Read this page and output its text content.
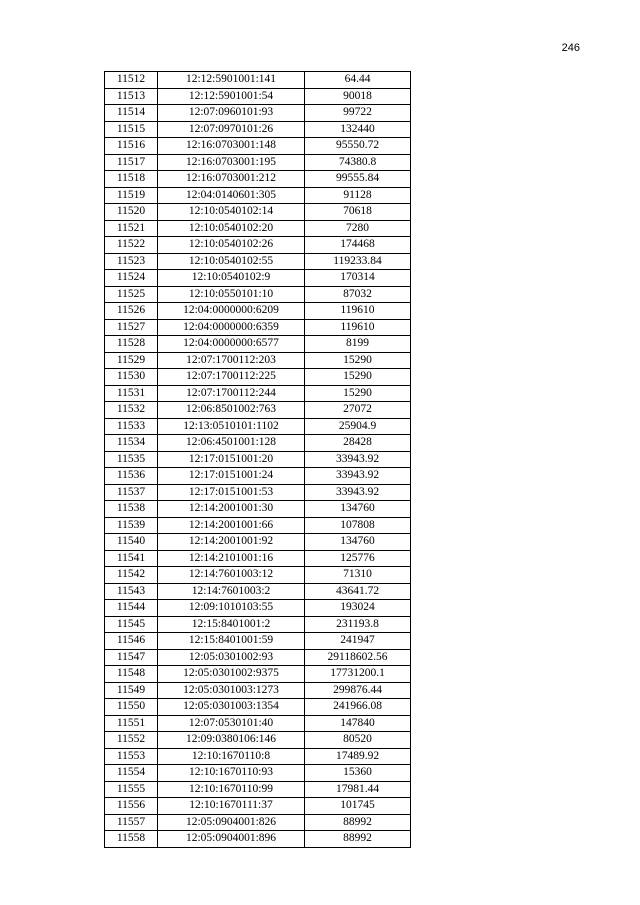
246
11512	12:12:5901001:141	64.44
11513	12:12:5901001:54	90018
11514	12:07:0960101:93	99722
11515	12:07:0970101:26	132440
11516	12:16:0703001:148	95550.72
11517	12:16:0703001:195	74380.8
11518	12:16:0703001:212	99555.84
11519	12:04:0140601:305	91128
11520	12:10:0540102:14	70618
11521	12:10:0540102:20	7280
11522	12:10:0540102:26	174468
11523	12:10:0540102:55	119233.84
11524	12:10:0540102:9	170314
11525	12:10:0550101:10	87032
11526	12:04:0000000:6209	119610
11527	12:04:0000000:6359	119610
11528	12:04:0000000:6577	8199
11529	12:07:1700112:203	15290
11530	12:07:1700112:225	15290
11531	12:07:1700112:244	15290
11532	12:06:8501002:763	27072
11533	12:13:0510101:1102	25904.9
11534	12:06:4501001:128	28428
11535	12:17:0151001:20	33943.92
11536	12:17:0151001:24	33943.92
11537	12:17:0151001:53	33943.92
11538	12:14:2001001:30	134760
11539	12:14:2001001:66	107808
11540	12:14:2001001:92	134760
11541	12:14:2101001:16	125776
11542	12:14:7601003:12	71310
11543	12:14:7601003:2	43641.72
11544	12:09:1010103:55	193024
11545	12:15:8401001:2	231193.8
11546	12:15:8401001:59	241947
11547	12:05:0301002:93	29118602.56
11548	12:05:0301002:9375	17731200.1
11549	12:05:0301003:1273	299876.44
11550	12:05:0301003:1354	241966.08
11551	12:07:0530101:40	147840
11552	12:09:0380106:146	80520
11553	12:10:1670110:8	17489.92
11554	12:10:1670110:93	15360
11555	12:10:1670110:99	17981.44
11556	12:10:1670111:37	101745
11557	12:05:0904001:826	88992
11558	12:05:0904001:896	88992
